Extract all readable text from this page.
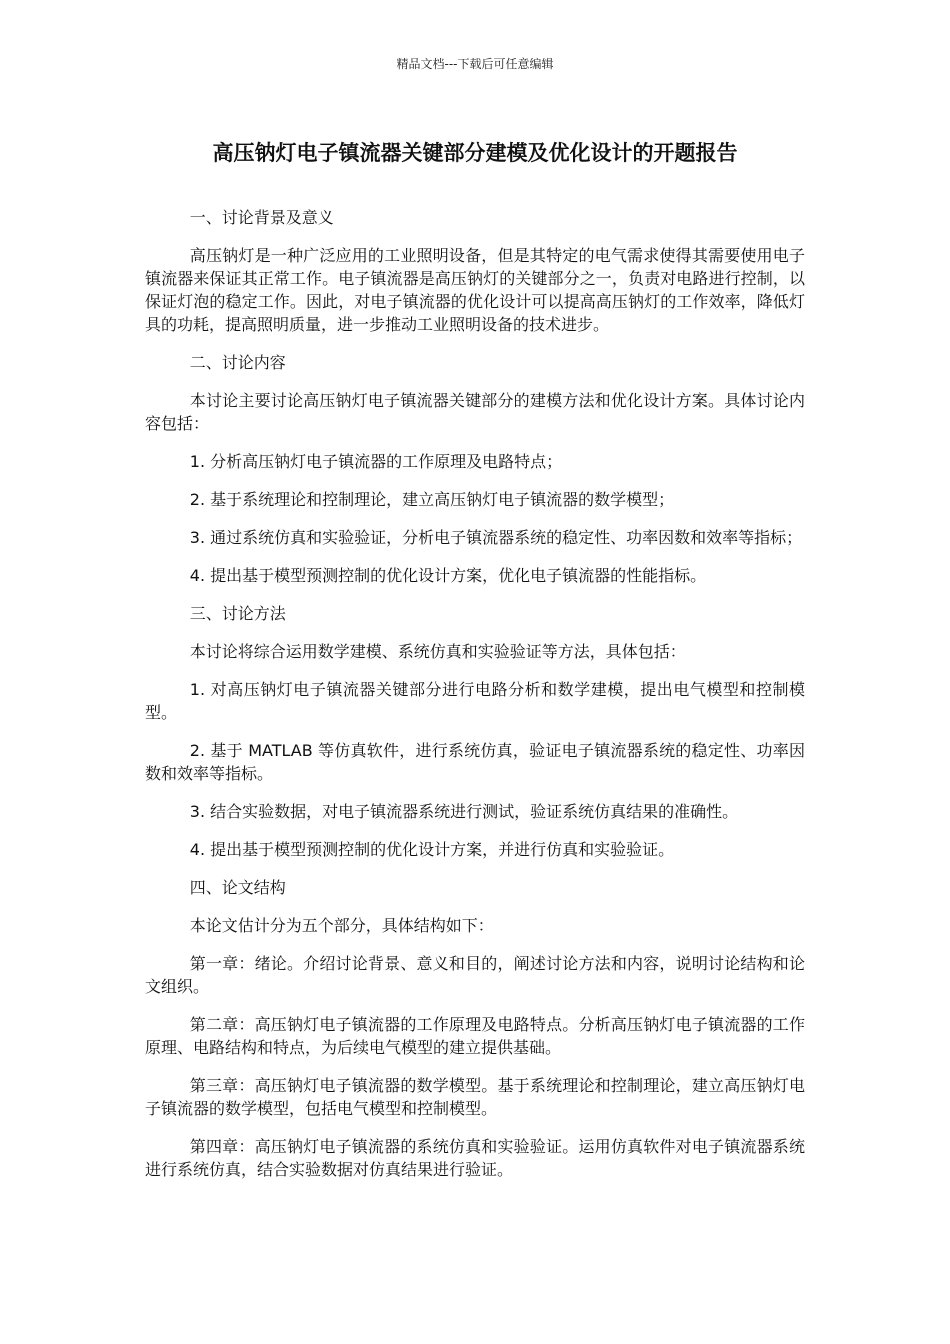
精品文档---下载后可任意编辑
高压钠灯电子镇流器关键部分建模及优化设计的开题报告

一、讨论背景及意义

高压钠灯是一种广泛应用的工业照明设备，但是其特定的电气需求使得其需要使用电子镇流器来保证其正常工作。电子镇流器是高压钠灯的关键部分之一，负责对电路进行控制，以保证灯泡的稳定工作。因此，对电子镇流器的优化设计可以提高高压钠灯的工作效率，降低灯具的功耗，提高照明质量，进一步推动工业照明设备的技术进步。

二、讨论内容

本讨论主要讨论高压钠灯电子镇流器关键部分的建模方法和优化设计方案。具体讨论内容包括：

1. 分析高压钠灯电子镇流器的工作原理及电路特点；

2. 基于系统理论和控制理论，建立高压钠灯电子镇流器的数学模型；

3. 通过系统仿真和实验验证，分析电子镇流器系统的稳定性、功率因数和效率等指标；

4. 提出基于模型预测控制的优化设计方案，优化电子镇流器的性能指标。

三、讨论方法

本讨论将综合运用数学建模、系统仿真和实验验证等方法，具体包括：

1. 对高压钠灯电子镇流器关键部分进行电路分析和数学建模，提出电气模型和控制模型。

2. 基于 MATLAB 等仿真软件，进行系统仿真，验证电子镇流器系统的稳定性、功率因数和效率等指标。

3. 结合实验数据，对电子镇流器系统进行测试，验证系统仿真结果的准确性。

4. 提出基于模型预测控制的优化设计方案，并进行仿真和实验验证。

四、论文结构

本论文估计分为五个部分，具体结构如下：

第一章：绪论。介绍讨论背景、意义和目的，阐述讨论方法和内容，说明讨论结构和论文组织。

第二章：高压钠灯电子镇流器的工作原理及电路特点。分析高压钠灯电子镇流器的工作原理、电路结构和特点，为后续电气模型的建立提供基础。

第三章：高压钠灯电子镇流器的数学模型。基于系统理论和控制理论，建立高压钠灯电子镇流器的数学模型，包括电气模型和控制模型。

第四章：高压钠灯电子镇流器的系统仿真和实验验证。运用仿真软件对电子镇流器系统进行系统仿真，结合实验数据对仿真结果进行验证。
